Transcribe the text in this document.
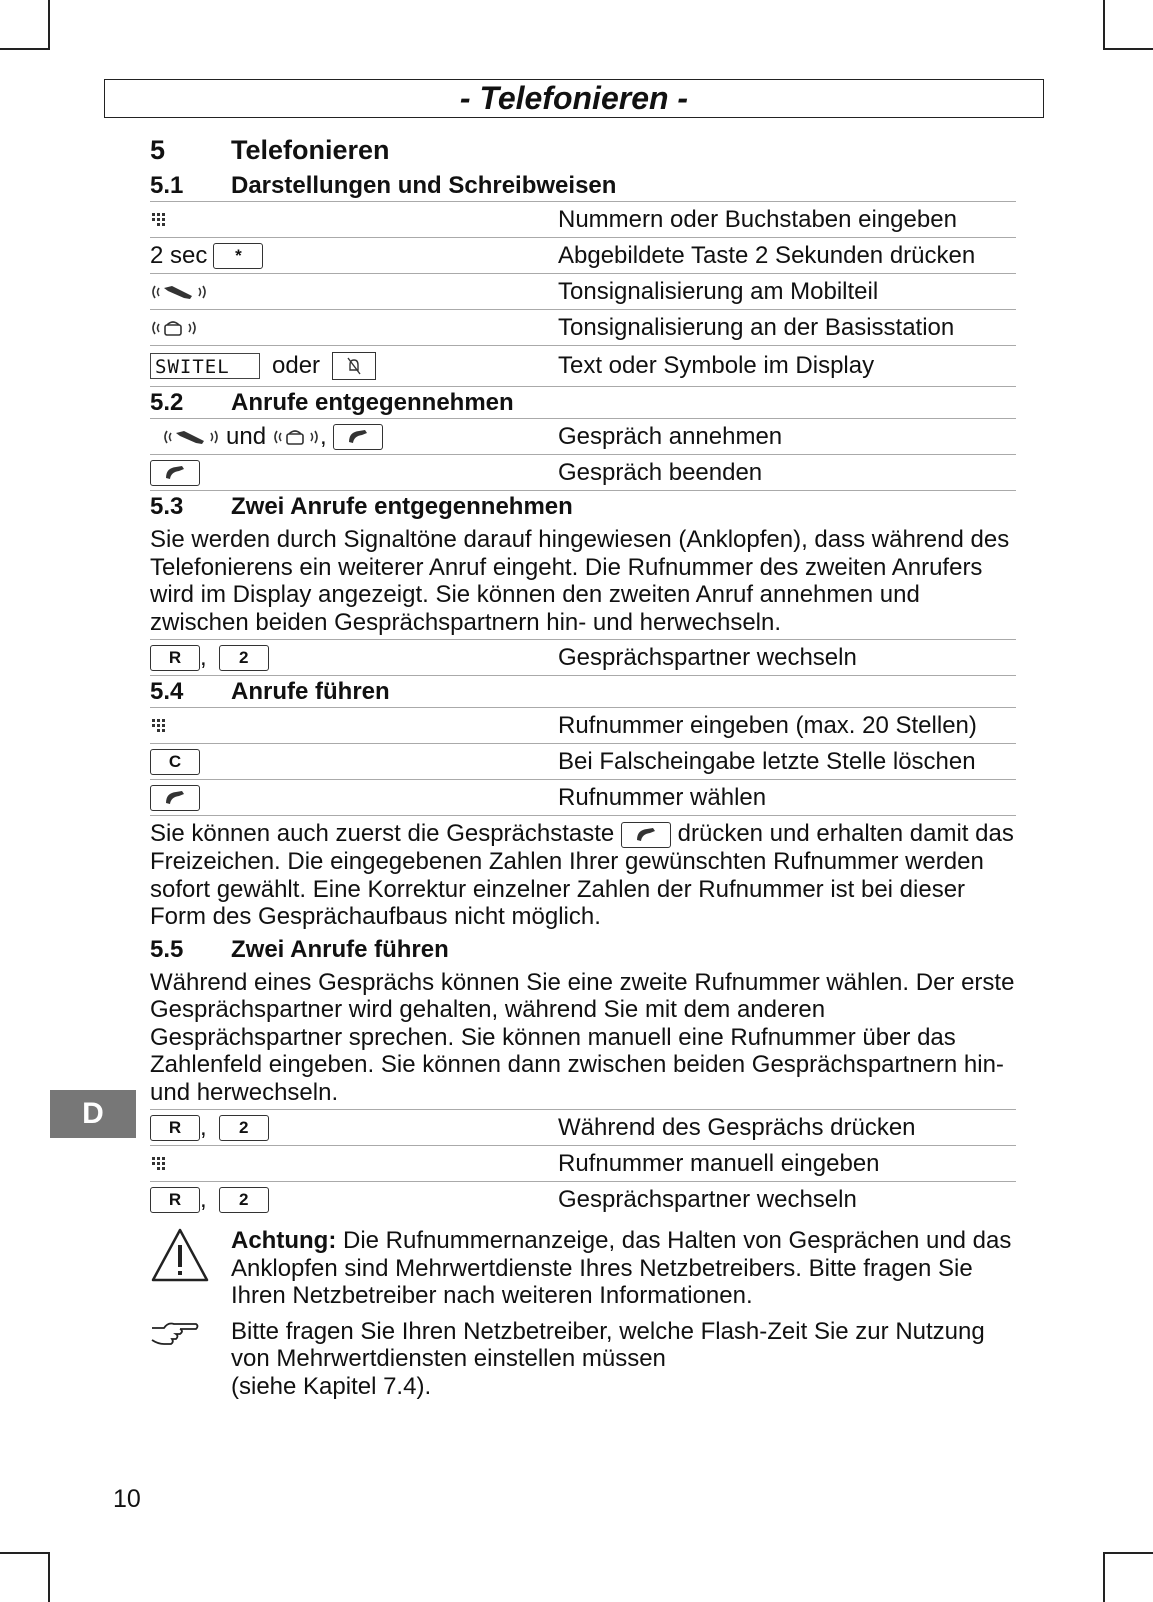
- Telefonieren -
5 Telefonieren
5.1 Darstellungen und Schreibweisen
Nummern oder Buchstaben eingeben
2 sec	*	Abgebildete Taste 2 Sekunden drücken
Tonsignalisierung am Mobilteil
Tonsignalisierung an der Basisstation
SWITEL	oder	Text oder Symbole im Display
5.2 Anrufe entgegennehmen
und ,	Gespräch annehmen
Gespräch beenden
5.3 Zwei Anrufe entgegennehmen
Sie werden durch Signaltöne darauf hingewiesen (Anklopfen), dass während des Telefonierens ein weiterer Anruf eingeht. Die Rufnummer des zweiten Anrufers wird im Display angezeigt. Sie können den zweiten Anruf annehmen und zwischen beiden Gesprächspartnern hin- und herwechseln.
R ,	2	Gesprächspartner wechseln
5.4 Anrufe führen
Rufnummer eingeben (max. 20 Stellen)
C	Bei Falscheingabe letzte Stelle löschen
Rufnummer wählen
Sie können auch zuerst die Gesprächstaste	drücken und erhalten damit das Freizeichen. Die eingegebenen Zahlen Ihrer gewünschten Rufnummer werden sofort gewählt. Eine Korrektur einzelner Zahlen der Rufnummer ist bei dieser Form des Gesprächaufbaus nicht möglich.
5.5 Zwei Anrufe führen
Während eines Gesprächs können Sie eine zweite Rufnummer wählen. Der erste Gesprächspartner wird gehalten, während Sie mit dem anderen Gesprächspartner sprechen. Sie können manuell eine Rufnummer über das Zahlenfeld eingeben. Sie können dann zwischen beiden Gesprächspartnern hin- und herwechseln.
R ,	2	Während des Gesprächs drücken
Rufnummer manuell eingeben
R ,	2	Gesprächspartner wechseln
Achtung: Die Rufnummernanzeige, das Halten von Gesprächen und das Anklopfen sind Mehrwertdienste Ihres Netzbetreibers. Bitte fragen Sie Ihren Netzbetreiber nach weiteren Informationen.
Bitte fragen Sie Ihren Netzbetreiber, welche Flash-Zeit Sie zur Nutzung von Mehrwertdiensten einstellen müssen
(siehe Kapitel 7.4).
D
10
